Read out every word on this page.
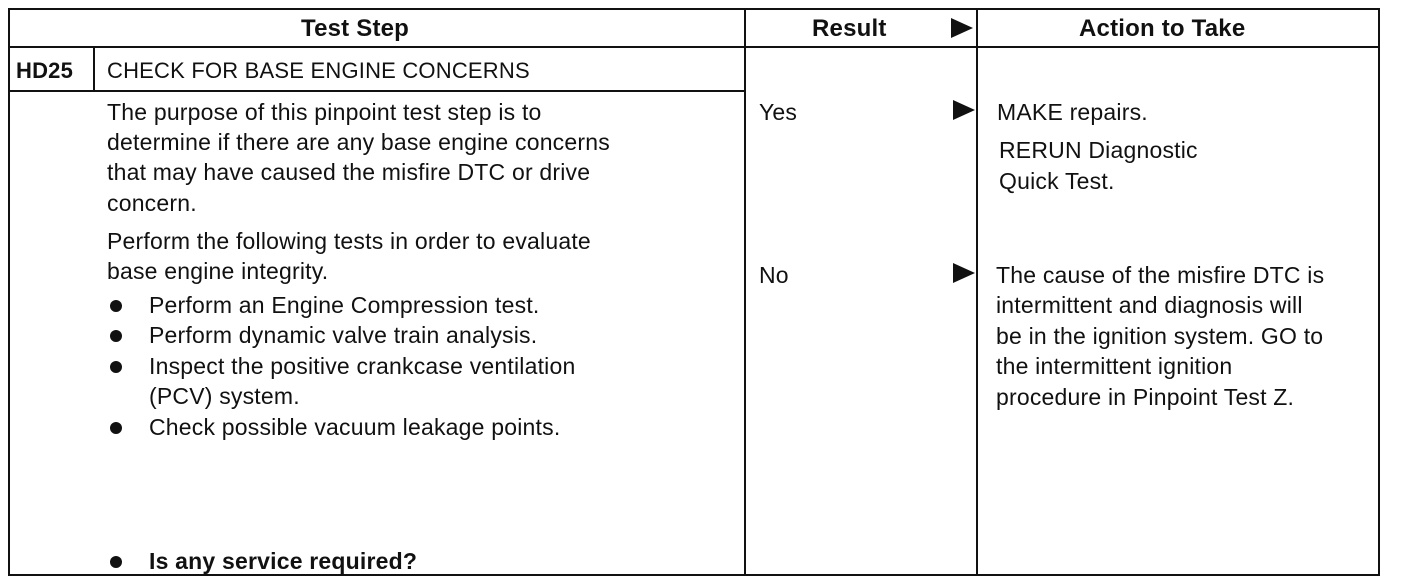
Test Step	Result	Action to Take
HD25 CHECK FOR BASE ENGINE CONCERNS
The purpose of this pinpoint test step is to
determine if there are any base engine concerns
that may have caused the misfire DTC or drive
concern.
Perform the following tests in order to evaluate
base engine integrity.
Perform an Engine Compression test.
Perform dynamic valve train analysis.
Inspect the positive crankcase ventilation
(PCV) system.
Check possible vacuum leakage points.
Is any service required?
Yes	MAKE repairs.
RERUN Diagnostic
Quick Test.
No	The cause of the misfire DTC is
intermittent and diagnosis will
be in the ignition system. GO to
the intermittent ignition
procedure in Pinpoint Test Z.
